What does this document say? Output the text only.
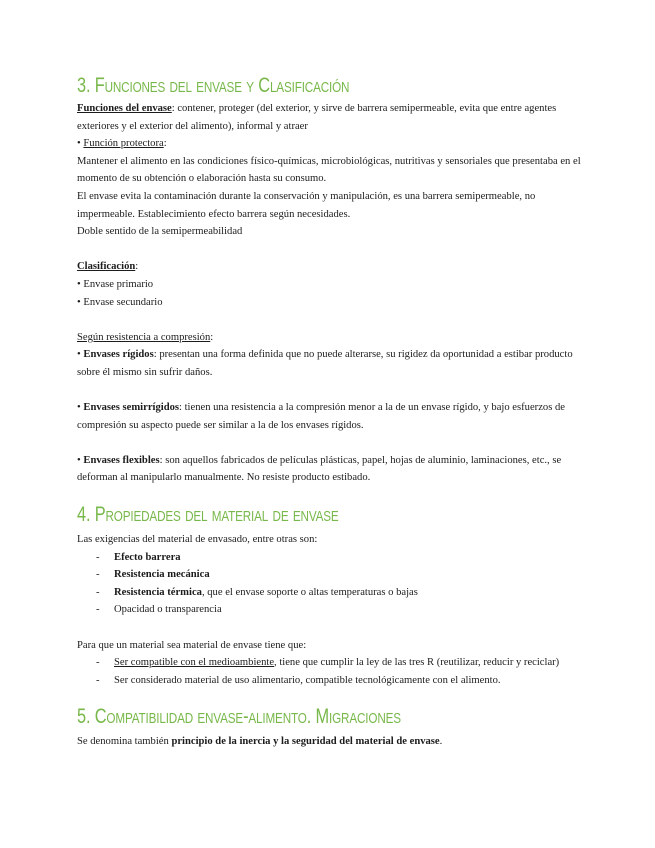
3. Funciones del envase y Clasificación

Funciones del envase: contener, proteger (del exterior, y sirve de barrera semipermeable, evita que entre agentes exteriores y el exterior del alimento), informal y atraer

• Función protectora:

Mantener el alimento en las condiciones físico-químicas, microbiológicas, nutritivas y sensoriales que presentaba en el momento de su obtención o elaboración hasta su consumo.

El envase evita la contaminación durante la conservación y manipulación, es una barrera semipermeable, no impermeable. Establecimiento efecto barrera según necesidades.

Doble sentido de la semipermeabilidad

Clasificación:

• Envase primario

• Envase secundario

Según resistencia a compresión:

• Envases rígidos: presentan una forma definida que no puede alterarse, su rigidez da oportunidad a estibar producto sobre él mismo sin sufrir daños.

• Envases semirrígidos: tienen una resistencia a la compresión menor a la de un envase rígido, y bajo esfuerzos de compresión su aspecto puede ser similar a la de los envases rígidos.

• Envases flexibles: son aquellos fabricados de películas plásticas, papel, hojas de aluminio, laminaciones, etc., se deforman al manipularlo manualmente. No resiste producto estibado.

4. Propiedades del material de envase

Las exigencias del material de envasado, entre otras son:

- Efecto barrera
- Resistencia mecánica
- Resistencia térmica, que el envase soporte o altas temperaturas o bajas
- Opacidad o transparencia

Para que un material sea material de envase tiene que:

- Ser compatible con el medioambiente, tiene que cumplir la ley de las tres R (reutilizar, reducir y reciclar)
- Ser considerado material de uso alimentario, compatible tecnológicamente con el alimento.
5. Compatibilidad envase-alimento. Migraciones

Se denomina también principio de la inercia y la seguridad del material de envase.
